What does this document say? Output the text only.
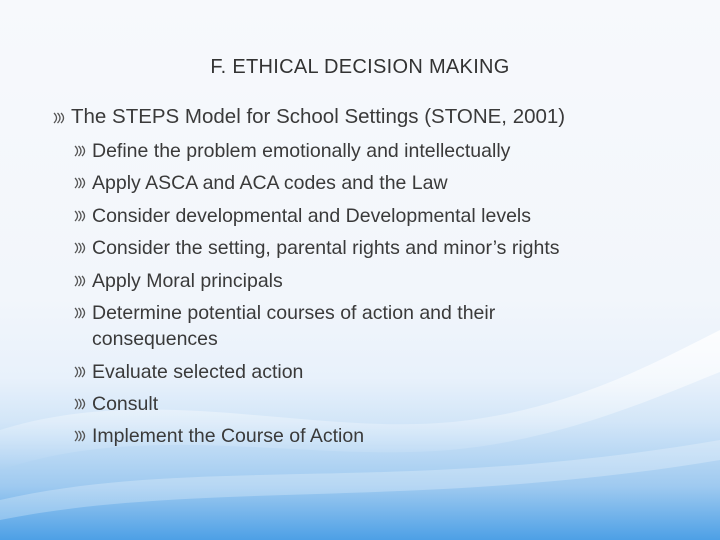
F. ETHICAL DECISION MAKING
The STEPS Model for School Settings (STONE, 2001)
Define the problem emotionally and intellectually
Apply ASCA and ACA codes and the Law
Consider developmental and Developmental levels
Consider the setting, parental rights and minor’s rights
Apply Moral principals
Determine potential courses of action and their consequences
Evaluate selected action
Consult
Implement the Course of Action
